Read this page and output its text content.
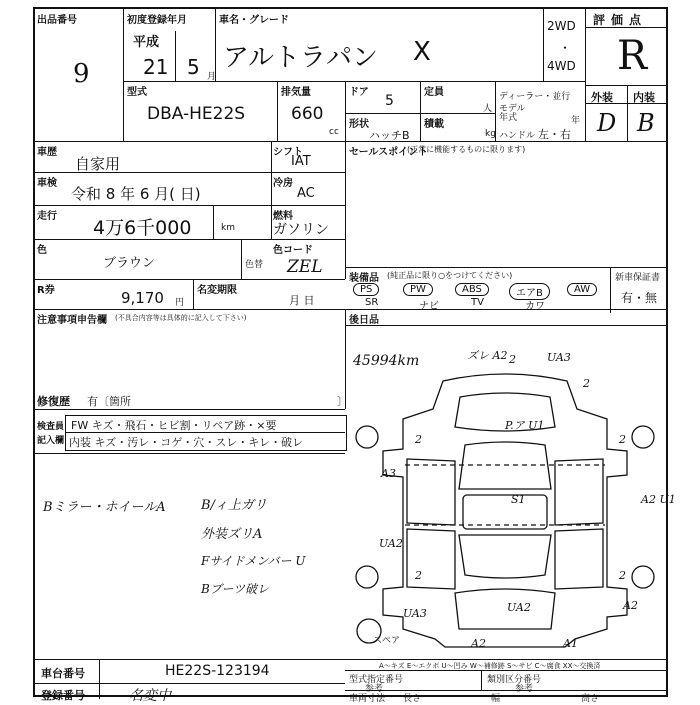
出品番号
9
初度登録年月
平成
21 5 月
車名・グレード
アルトラパン X
2WD
・
4WD
評価点
R
型式
DBA-HE22S
排気量
660
cc
ドア
5
定員
人
形状
ハッチB
積載
kg
ディーラー・並行
モデル年式	年
ハンドル 左・右
外装 内装
D B
車歴
自家用
車検
令和 8 年 6 月( 日)
走行
4万6千000	km
色
ブラウン	色替
R券	9,170 円
名変期限
月 日
シフト
IAT
冷房
AC
燃料
ガソリン
色コード
ZEL
セールスポイント
(正常に機能するものに限ります)
装備品 (純正品に限り○をつけてください)
PS	PW	ABS	エアB	AW
SR	ナビ	TV	カワ
新車保証書
有・無
注意事項申告欄 (不具合内容等は具体的に記入して下さい)	後日品
修復歴 有〔箇所	〕
検査員
記入欄
FW キズ・飛石・ヒビ割・リペア跡・×要
内装 キズ・汚レ・コゲ・穴・スレ・キレ・破レ
Bミラー・ホイールA	B/ィ上ガリ
外装ズリA
Fサイドメンバー U
Bブーツ破レ
スペア
45994km	ズレ A2	UA3
P.ア U1
A3
UA2
S1	A2 U1
UA3	UA2	A2
A2	A1
2	2
2	2
2
2
A～キズ E～エクボ U～凹み W～補修跡 S～サビ C～腐食 XX～交換済
車台番号	HE22S-123194
登録番号	名変中
型式指定番号
参考
類別区分番号
参考
車両寸法 長さ	幅	高さ
